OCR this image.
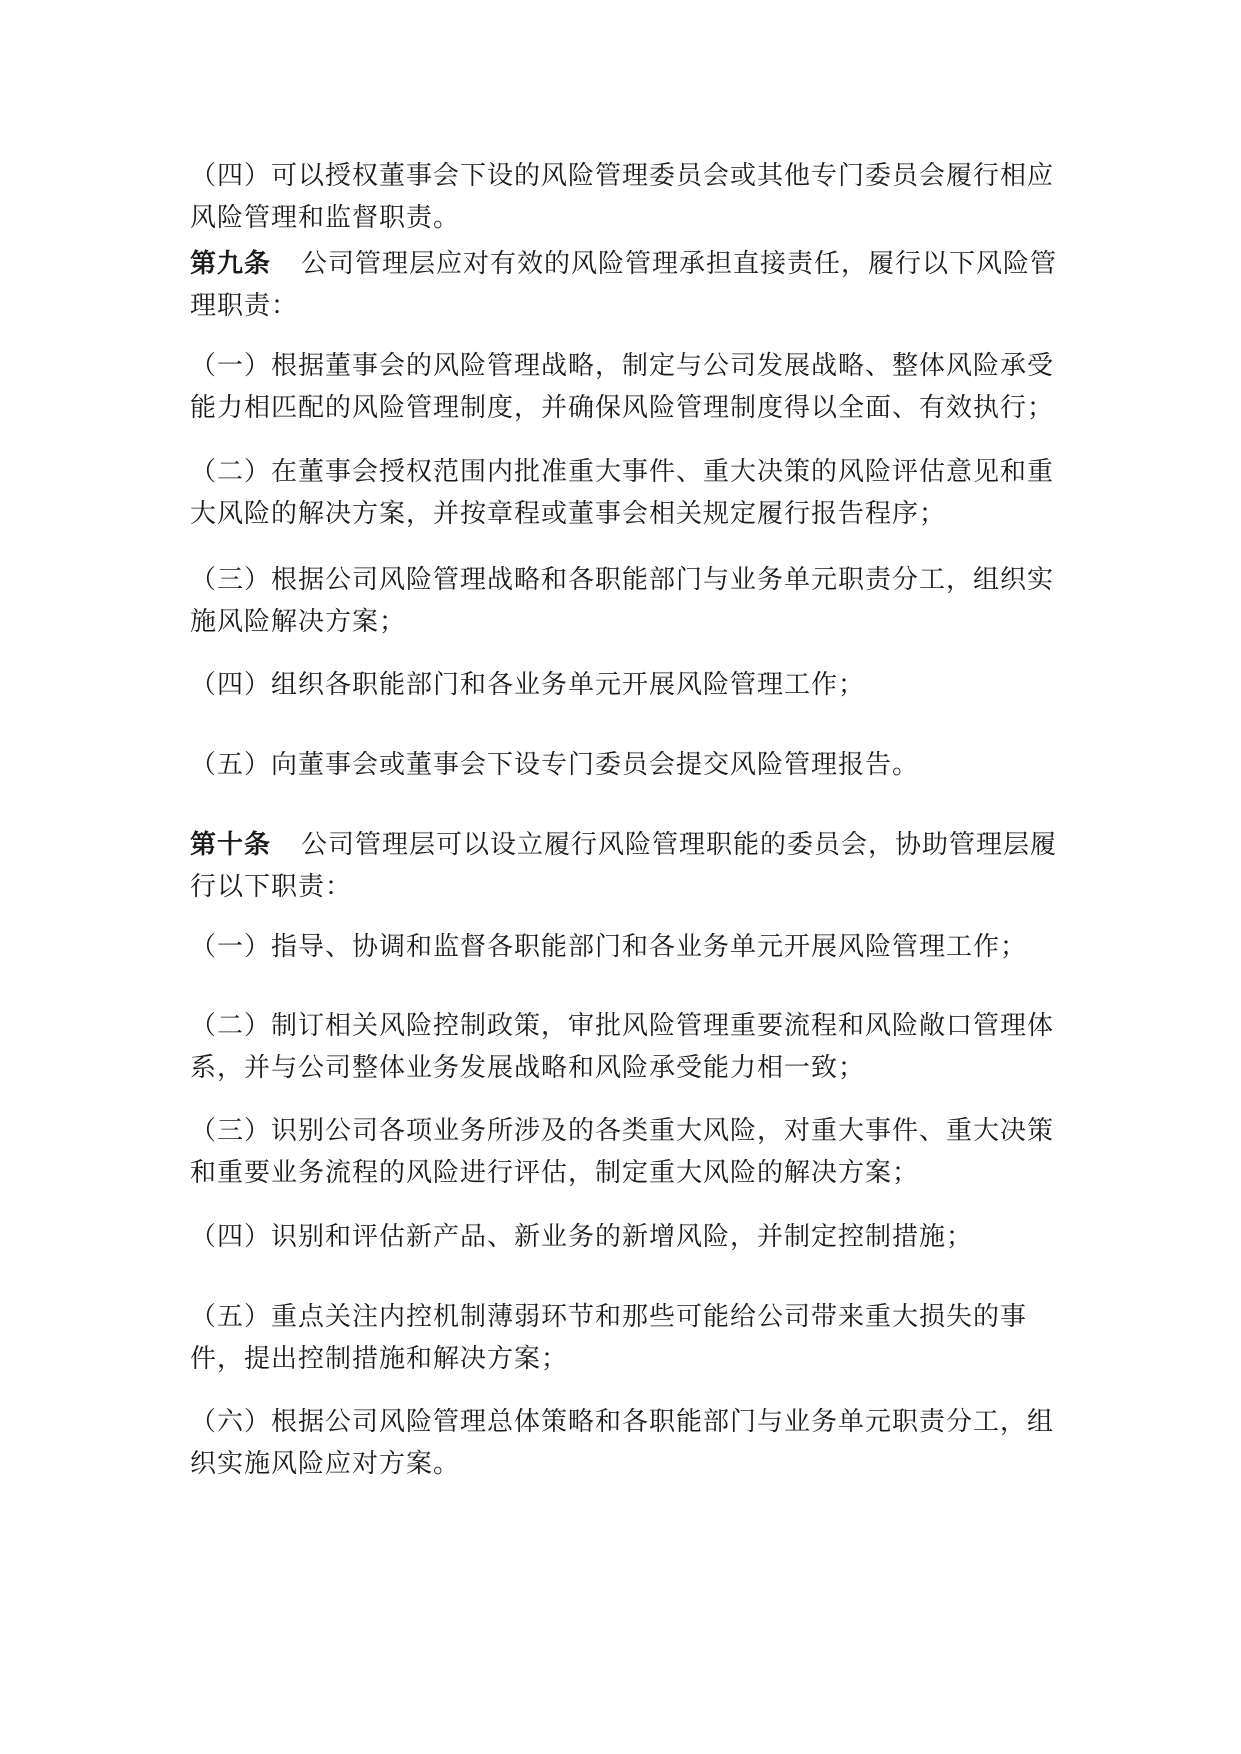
（四）可以授权董事会下设的风险管理委员会或其他专门委员会履行相应风险管理和监督职责。

第九条 公司管理层应对有效的风险管理承担直接责任，履行以下风险管理职责：

（一）根据董事会的风险管理战略，制定与公司发展战略、整体风险承受能力相匹配的风险管理制度，并确保风险管理制度得以全面、有效执行；

（二）在董事会授权范围内批准重大事件、重大决策的风险评估意见和重大风险的解决方案，并按章程或董事会相关规定履行报告程序；

（三）根据公司风险管理战略和各职能部门与业务单元职责分工，组织实施风险解决方案；

（四）组织各职能部门和各业务单元开展风险管理工作；

（五）向董事会或董事会下设专门委员会提交风险管理报告。

第十条 公司管理层可以设立履行风险管理职能的委员会，协助管理层履行以下职责：

（一）指导、协调和监督各职能部门和各业务单元开展风险管理工作；

（二）制订相关风险控制政策，审批风险管理重要流程和风险敞口管理体系，并与公司整体业务发展战略和风险承受能力相一致；

（三）识别公司各项业务所涉及的各类重大风险，对重大事件、重大决策和重要业务流程的风险进行评估，制定重大风险的解决方案；

（四）识别和评估新产品、新业务的新增风险，并制定控制措施；

（五）重点关注内控机制薄弱环节和那些可能给公司带来重大损失的事件，提出控制措施和解决方案；

（六）根据公司风险管理总体策略和各职能部门与业务单元职责分工，组织实施风险应对方案。
